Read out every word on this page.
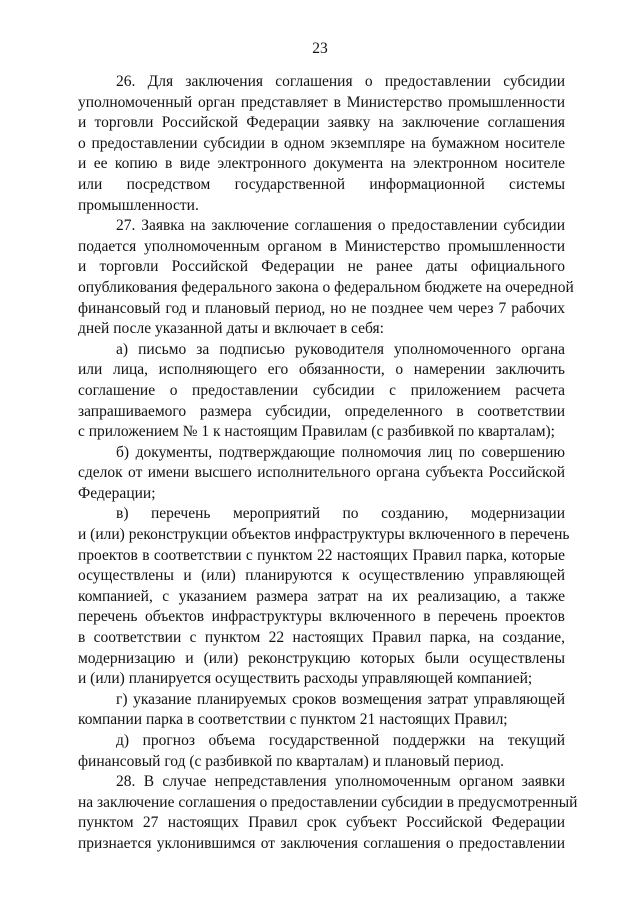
23
26. Для заключения соглашения о предоставлении субсидии
уполномоченный орган представляет в Министерство промышленности
и торговли Российской Федерации заявку на заключение соглашения
о предоставлении субсидии в одном экземпляре на бумажном носителе
и ее копию в виде электронного документа на электронном носителе
или посредством государственной информационной системы
промышленности.
27. Заявка на заключение соглашения о предоставлении субсидии
подается уполномоченным органом в Министерство промышленности
и торговли Российской Федерации не ранее даты официального
опубликования федерального закона о федеральном бюджете на очередной
финансовый год и плановый период, но не позднее чем через 7 рабочих
дней после указанной даты и включает в себя:
а) письмо за подписью руководителя уполномоченного органа
или лица, исполняющего его обязанности, о намерении заключить
соглашение о предоставлении субсидии с приложением расчета
запрашиваемого размера субсидии, определенного в соответствии
с приложением № 1 к настоящим Правилам (с разбивкой по кварталам);
б) документы, подтверждающие полномочия лиц по совершению
сделок от имени высшего исполнительного органа субъекта Российской
Федерации;
в) перечень мероприятий по созданию, модернизации
и (или) реконструкции объектов инфраструктуры включенного в перечень
проектов в соответствии с пунктом 22 настоящих Правил парка, которые
осуществлены и (или) планируются к осуществлению управляющей
компанией, с указанием размера затрат на их реализацию, а также
перечень объектов инфраструктуры включенного в перечень проектов
в соответствии с пунктом 22 настоящих Правил парка, на создание,
модернизацию и (или) реконструкцию которых были осуществлены
и (или) планируется осуществить расходы управляющей компанией;
г) указание планируемых сроков возмещения затрат управляющей
компании парка в соответствии с пунктом 21 настоящих Правил;
д) прогноз объема государственной поддержки на текущий
финансовый год (с разбивкой по кварталам) и плановый период.
28. В случае непредставления уполномоченным органом заявки
на заключение соглашения о предоставлении субсидии в предусмотренный
пунктом 27 настоящих Правил срок субъект Российской Федерации
признается уклонившимся от заключения соглашения о предоставлении
